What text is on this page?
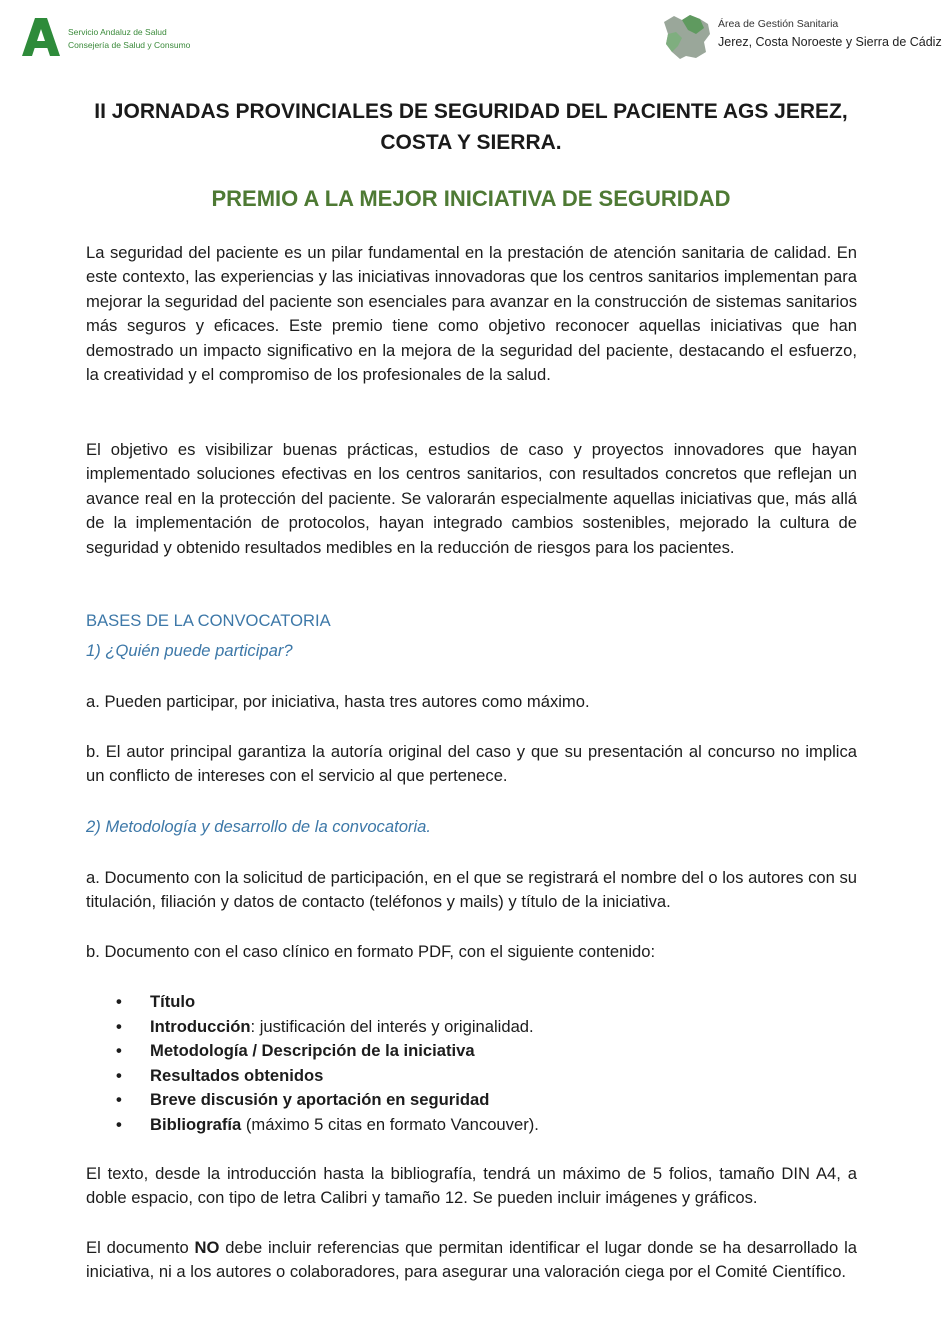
Servicio Andaluz de Salud
Consejería de Salud y Consumo
Área de Gestión Sanitaria
Jerez, Costa Noroeste y Sierra de Cádiz
II JORNADAS PROVINCIALES DE SEGURIDAD DEL PACIENTE AGS JEREZ,
COSTA Y SIERRA.
PREMIO A LA MEJOR INICIATIVA DE SEGURIDAD
La seguridad del paciente es un pilar fundamental en la prestación de atención sanitaria de calidad. En este contexto, las experiencias y las iniciativas innovadoras que los centros sanitarios implementan para mejorar la seguridad del paciente son esenciales para avanzar en la construcción de sistemas sanitarios más seguros y eficaces. Este premio tiene como objetivo reconocer aquellas iniciativas que han demostrado un impacto significativo en la mejora de la seguridad del paciente, destacando el esfuerzo, la creatividad y el compromiso de los profesionales de la salud.
El objetivo es visibilizar buenas prácticas, estudios de caso y proyectos innovadores que hayan implementado soluciones efectivas en los centros sanitarios, con resultados concretos que reflejan un avance real en la protección del paciente. Se valorarán especialmente aquellas iniciativas que, más allá de la implementación de protocolos, hayan integrado cambios sostenibles, mejorado la cultura de seguridad y obtenido resultados medibles en la reducción de riesgos para los pacientes.
BASES DE LA CONVOCATORIA
1) ¿Quién puede participar?
a. Pueden participar, por iniciativa, hasta tres autores como máximo.
b. El autor principal garantiza la autoría original del caso y que su presentación al concurso no implica un conflicto de intereses con el servicio al que pertenece.
2) Metodología y desarrollo de la convocatoria.
a. Documento con la solicitud de participación, en el que se registrará el nombre del o los autores con su titulación, filiación y datos de contacto (teléfonos y mails) y título de la iniciativa.
b. Documento con el caso clínico en formato PDF, con el siguiente contenido:
• Título
• Introducción: justificación del interés y originalidad.
• Metodología / Descripción de la iniciativa
• Resultados obtenidos
• Breve discusión y aportación en seguridad
• Bibliografía (máximo 5 citas en formato Vancouver).
El texto, desde la introducción hasta la bibliografía, tendrá un máximo de 5 folios, tamaño DIN A4, a doble espacio, con tipo de letra Calibri y tamaño 12. Se pueden incluir imágenes y gráficos.
El documento NO debe incluir referencias que permitan identificar el lugar donde se ha desarrollado la iniciativa, ni a los autores o colaboradores, para asegurar una valoración ciega por el Comité Científico.
